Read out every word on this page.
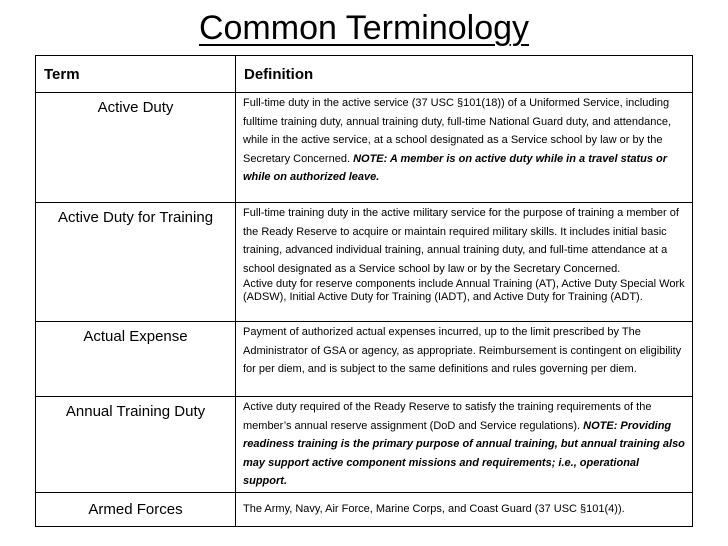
Common Terminology
Term	Definition
Active Duty	Full-time duty in the active service (37 USC §101(18)) of a Uniformed Service, including fulltime training duty, annual training duty, full-time National Guard duty, and attendance, while in the active service, at a school designated as a Service school by law or by the Secretary Concerned. NOTE: A member is on active duty while in a travel status or while on authorized leave.
Active Duty for Training	Full-time training duty in the active military service for the purpose of training a member of the Ready Reserve to acquire or maintain required military skills. It includes initial basic training, advanced individual training, annual training duty, and full-time attendance at a school designated as a Service school by law or by the Secretary Concerned.
Active duty for reserve components include Annual Training (AT), Active Duty Special Work (ADSW), Initial Active Duty for Training (IADT), and Active Duty for Training (ADT).

Actual Expense	Payment of authorized actual expenses incurred, up to the limit prescribed by The Administrator of GSA or agency, as appropriate. Reimbursement is contingent on eligibility for per diem, and is subject to the same definitions and rules governing per diem.
Annual Training Duty	Active duty required of the Ready Reserve to satisfy the training requirements of the member’s annual reserve assignment (DoD and Service regulations). NOTE: Providing readiness training is the primary purpose of annual training, but annual training also may support active component missions and requirements; i.e., operational support.
Armed Forces	The Army, Navy, Air Force, Marine Corps, and Coast Guard (37 USC §101(4)).
